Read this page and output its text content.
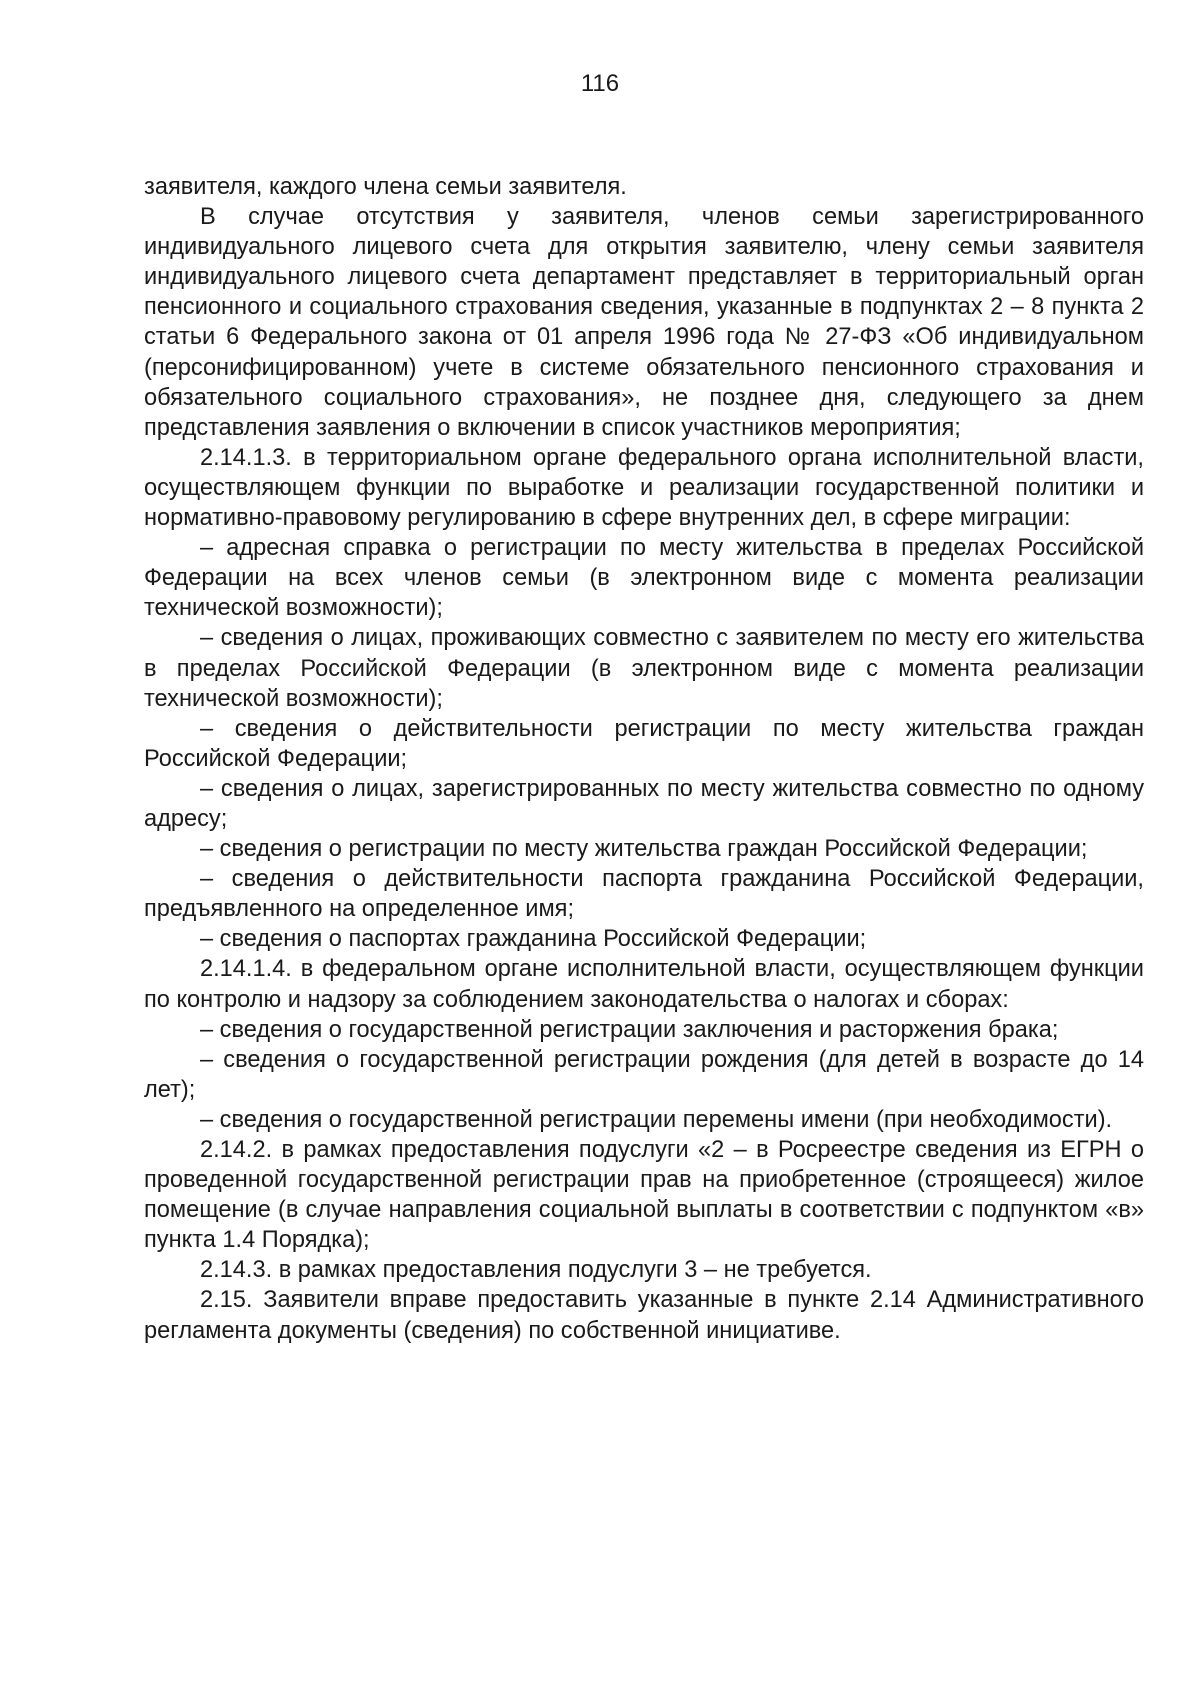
116

заявителя, каждого члена семьи заявителя.

В случае отсутствия у заявителя, членов семьи зарегистрированного индивидуального лицевого счета для открытия заявителю, члену семьи заявителя индивидуального лицевого счета департамент представляет в территориальный орган пенсионного и социального страхования сведения, указанные в подпунктах 2 – 8 пункта 2 статьи 6 Федерального закона от 01 апреля 1996 года № 27-ФЗ «Об индивидуальном (персонифицированном) учете в системе обязательного пенсионного страхования и обязательного социального страхования», не позднее дня, следующего за днем представления заявления о включении в список участников мероприятия;

2.14.1.3. в территориальном органе федерального органа исполнительной власти, осуществляющем функции по выработке и реализации государственной политики и нормативно-правовому регулированию в сфере внутренних дел, в сфере миграции:

– адресная справка о регистрации по месту жительства в пределах Российской Федерации на всех членов семьи (в электронном виде с момента реализации технической возможности);

– сведения о лицах, проживающих совместно с заявителем по месту его жительства в пределах Российской Федерации (в электронном виде с момента реализации технической возможности);

– сведения о действительности регистрации по месту жительства граждан Российской Федерации;

– сведения о лицах, зарегистрированных по месту жительства совместно по одному адресу;

– сведения о регистрации по месту жительства граждан Российской Федерации;

– сведения о действительности паспорта гражданина Российской Федерации, предъявленного на определенное имя;

– сведения о паспортах гражданина Российской Федерации;

2.14.1.4. в федеральном органе исполнительной власти, осуществляющем функции по контролю и надзору за соблюдением законодательства о налогах и сборах:

– сведения о государственной регистрации заключения и расторжения брака;

– сведения о государственной регистрации рождения (для детей в возрасте до 14 лет);

– сведения о государственной регистрации перемены имени (при необходимости).

2.14.2. в рамках предоставления подуслуги «2 – в Росреестре сведения из ЕГРН о проведенной государственной регистрации прав на приобретенное (строящееся) жилое помещение (в случае направления социальной выплаты в соответствии с подпунктом «в» пункта 1.4 Порядка);

2.14.3. в рамках предоставления подуслуги 3 – не требуется.

2.15. Заявители вправе предоставить указанные в пункте 2.14 Административного регламента документы (сведения) по собственной инициативе.
